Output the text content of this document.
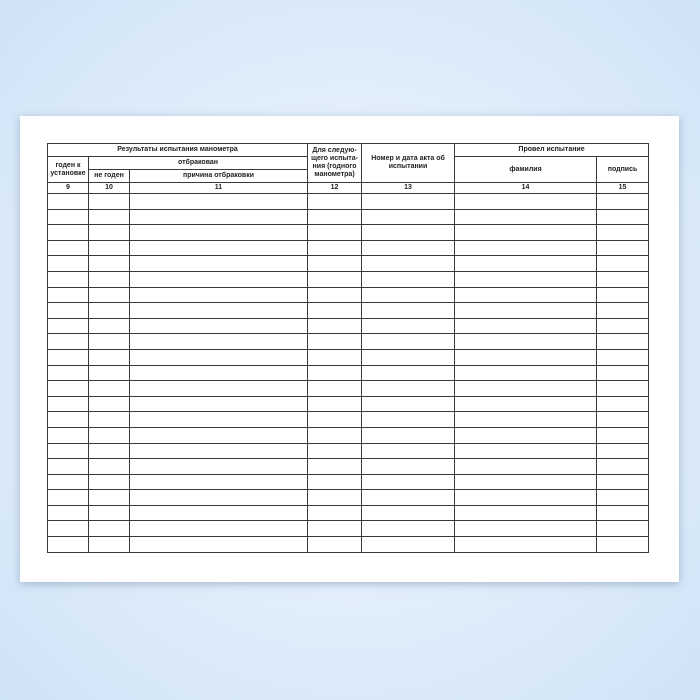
Результаты испытания манометра			Для следую-щего испыта-ния (годного манометра)	Номер и дата акта об испытании	Провел испытание	
годен к установке	отбракован				фамилия	подпись
	не годен	причина отбраковки				
9	10	11	12	13	14	15
